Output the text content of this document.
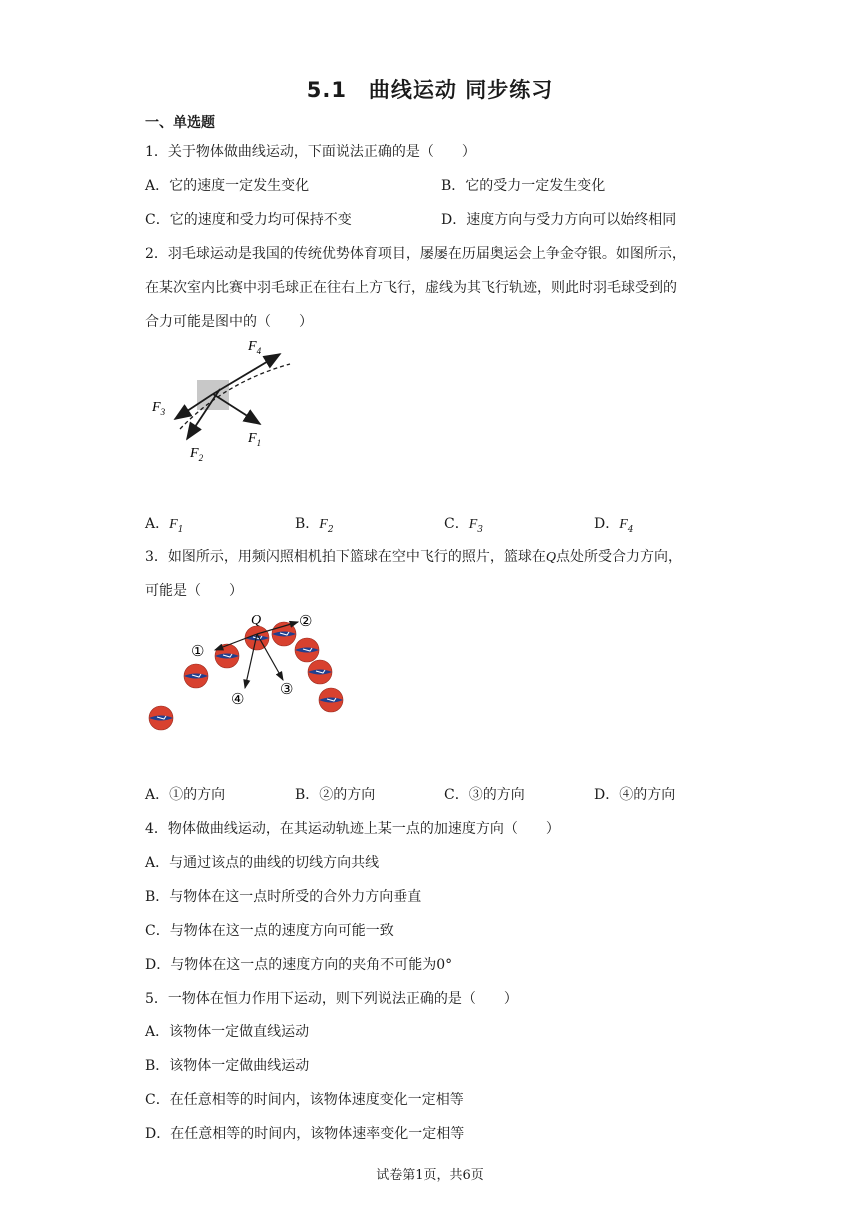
5.1　曲线运动 同步练习
一、单选题
1．关于物体做曲线运动，下面说法正确的是（　　）
A．它的速度一定发生变化	B．它的受力一定发生变化
C．它的速度和受力均可保持不变	D．速度方向与受力方向可以始终相同
2．羽毛球运动是我国的传统优势体育项目，屡屡在历届奥运会上争金夺银。如图所示，
在某次室内比赛中羽毛球正在往右上方飞行，虚线为其飞行轨迹，则此时羽毛球受到的
合力可能是图中的（　　）
$F_4$
$F_1$
$F_3$
$F_2$
A．$F_1$	B．$F_2$	C．$F_3$	D．$F_4$
3．如图所示，用频闪照相机拍下篮球在空中飞行的照片，篮球在Q点处所受合力方向，
可能是（　　）
Q
①
②
③
④
A．①的方向	B．②的方向	C．③的方向	D．④的方向
4．物体做曲线运动，在其运动轨迹上某一点的加速度方向（　　）
A．与通过该点的曲线的切线方向共线
B．与物体在这一点时所受的合外力方向垂直
C．与物体在这一点的速度方向可能一致
D．与物体在这一点的速度方向的夹角不可能为0°
5．一物体在恒力作用下运动，则下列说法正确的是（　　）
A．该物体一定做直线运动
B．该物体一定做曲线运动
C．在任意相等的时间内，该物体速度变化一定相等
D．在任意相等的时间内，该物体速率变化一定相等
试卷第1页，共6页
